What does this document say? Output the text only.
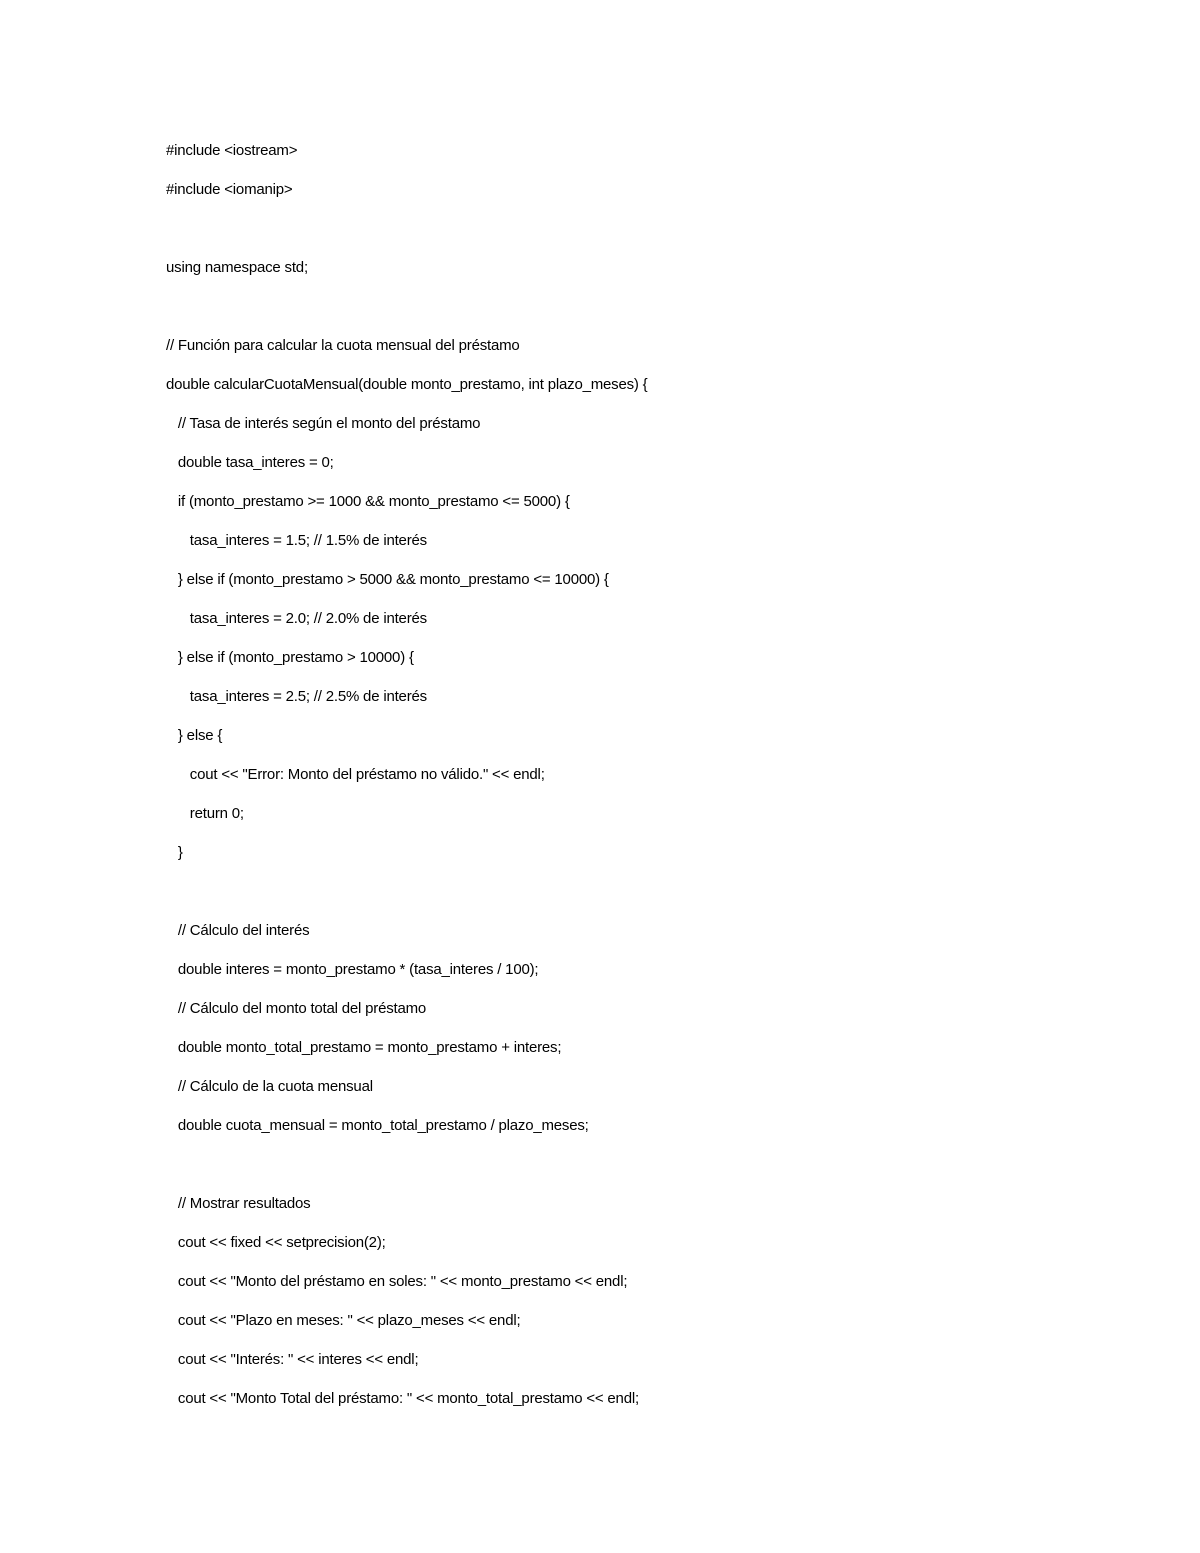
#include <iostream>
#include <iomanip>
using namespace std;
// Función para calcular la cuota mensual del préstamo
double calcularCuotaMensual(double monto_prestamo, int plazo_meses) {
// Tasa de interés según el monto del préstamo
double tasa_interes = 0;
if (monto_prestamo >= 1000 && monto_prestamo <= 5000) {
tasa_interes = 1.5; // 1.5% de interés
} else if (monto_prestamo > 5000 && monto_prestamo <= 10000) {
tasa_interes = 2.0; // 2.0% de interés
} else if (monto_prestamo > 10000) {
tasa_interes = 2.5; // 2.5% de interés
} else {
cout << "Error: Monto del préstamo no válido." << endl;
return 0;
}
// Cálculo del interés
double interes = monto_prestamo * (tasa_interes / 100);
// Cálculo del monto total del préstamo
double monto_total_prestamo = monto_prestamo + interes;
// Cálculo de la cuota mensual
double cuota_mensual = monto_total_prestamo / plazo_meses;
// Mostrar resultados
cout << fixed << setprecision(2);
cout << "Monto del préstamo en soles: " << monto_prestamo << endl;
cout << "Plazo en meses: " << plazo_meses << endl;
cout << "Interés: " << interes << endl;
cout << "Monto Total del préstamo: " << monto_total_prestamo << endl;
